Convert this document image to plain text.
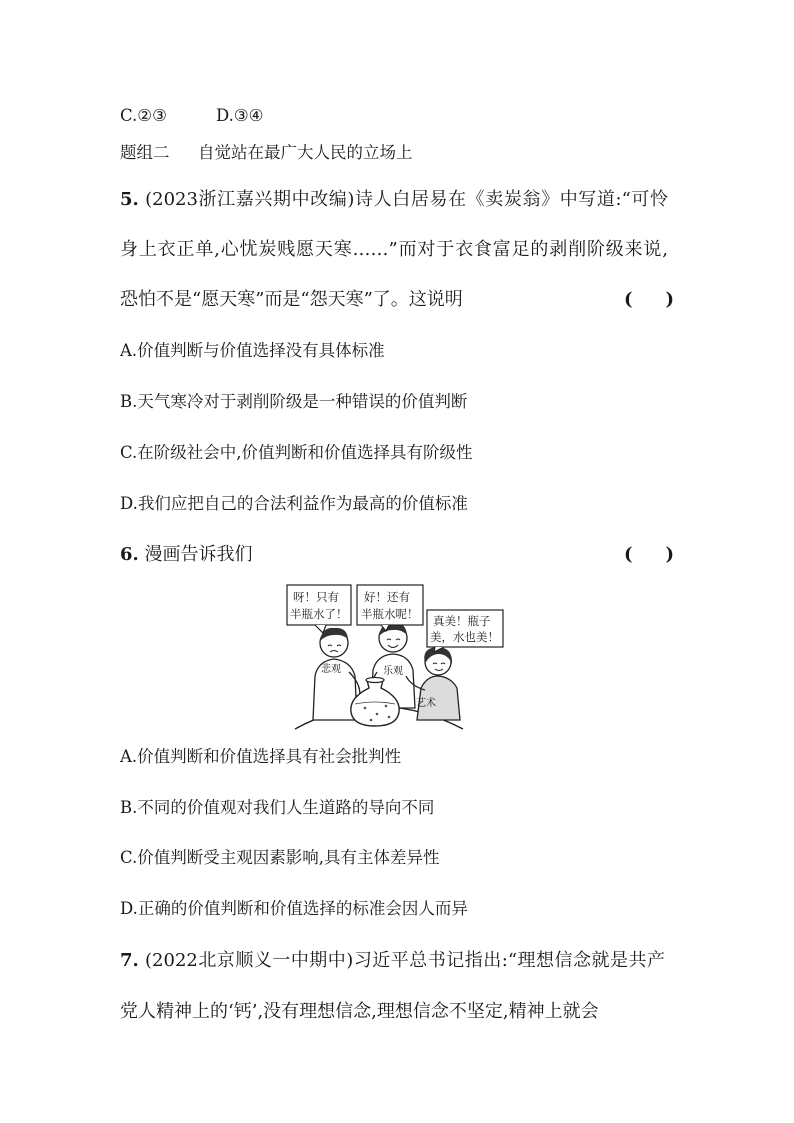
C.②③	D.③④
题组二 自觉站在最广大人民的立场上
5. (2023浙江嘉兴期中改编)诗人白居易在《卖炭翁》中写道:“可怜
身上衣正单,心忧炭贱愿天寒……”而对于衣食富足的剥削阶级来说,
恐怕不是“愿天寒”而是“怨天寒”了。这说明	( )
A.价值判断与价值选择没有具体标准
B.天气寒冷对于剥削阶级是一种错误的价值判断
C.在阶级社会中,价值判断和价值选择具有阶级性
D.我们应把自己的合法利益作为最高的价值标准
6. 漫画告诉我们	( )
悲观	乐观
艺术
呀！只有
半瓶水了！
好！还有
半瓶水呢！ 真美！瓶子
美，水也美！
A.价值判断和价值选择具有社会批判性
B.不同的价值观对我们人生道路的导向不同
C.价值判断受主观因素影响,具有主体差异性
D.正确的价值判断和价值选择的标准会因人而异
7. (2022北京顺义一中期中)习近平总书记指出:“理想信念就是共产
党人精神上的‘钙’,没有理想信念,理想信念不坚定,精神上就会
